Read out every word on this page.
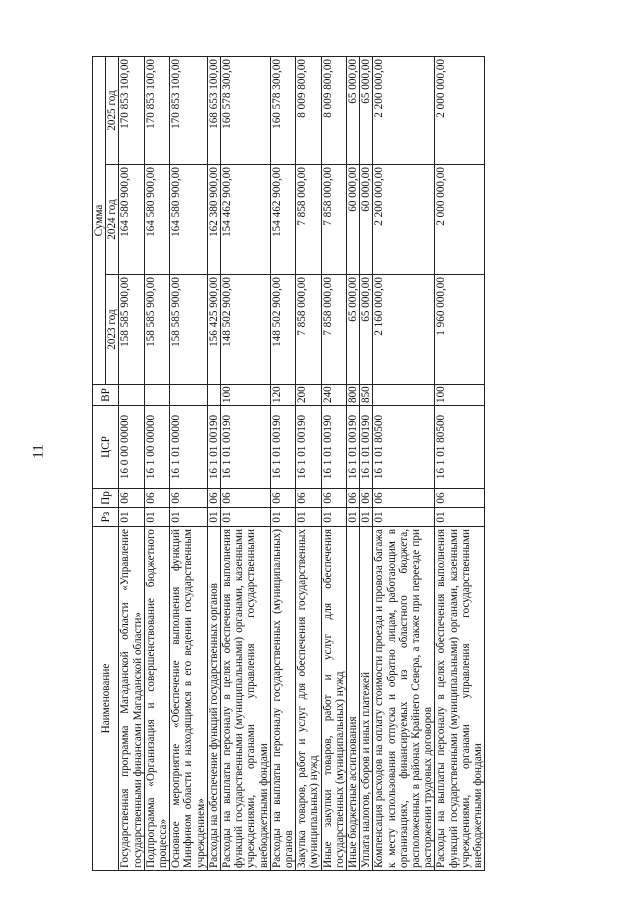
11
Наименование	Рз	Пр	ЦСР	ВР	Сумма		
					2023 год	2024 год	2025 год
Государственная программа Магаданской области «Управление государственными финансами Магаданской области»	01	06	16 0 00 00000		158 585 900,00	164 580 900,00	170 853 100,00
Подпрограмма «Организация и совершенствование бюджетного процесса»	01	06	16 1 00 00000		158 585 900,00	164 580 900,00	170 853 100,00
Основное мероприятие «Обеспечение выполнения функций Минфином области и находящимся в его ведении государственным учреждением»	01	06	16 1 01 00000		158 585 900,00	164 580 900,00	170 853 100,00
Расходы на обеспечение функций государственных органов	01	06	16 1 01 00190		156 425 900,00	162 380 900,00	168 653 100,00
Расходы на выплаты персоналу в целях обеспечения выполнения функций государственными (муниципальными) органами, казенными учреждениями, органами управления государственными внебюджетными фондами	01	06	16 1 01 00190	100	148 502 900,00	154 462 900,00	160 578 300,00
Расходы на выплаты персоналу государственных (муниципальных) органов	01	06	16 1 01 00190	120	148 502 900,00	154 462 900,00	160 578 300,00
Закупка товаров, работ и услуг для обеспечения государственных (муниципальных) нужд	01	06	16 1 01 00190	200	7 858 000,00	7 858 000,00	8 009 800,00
Иные закупки товаров, работ и услуг для обеспечения государственных (муниципальных) нужд	01	06	16 1 01 00190	240	7 858 000,00	7 858 000,00	8 009 800,00
Иные бюджетные ассигнования	01	06	16 1 01 00190	800	65 000,00	60 000,00	65 000,00
Уплата налогов, сборов и иных платежей	01	06	16 1 01 00190	850	65 000,00	60 000,00	65 000,00
Компенсация расходов на оплату стоимости проезда и провоза багажа к месту использования отпуска и обратно лицам, работающим в организациях, финансируемых из областного бюджета, расположенных в районах Крайнего Севера, а также при переезде при расторжении трудовых договоров	01	06	16 1 01 80500		2 160 000,00	2 200 000,00	2 200 000,00
Расходы на выплаты персоналу в целях обеспечения выполнения функций государственными (муниципальными) органами, казенными учреждениями, органами управления государственными внебюджетными фондами	01	06	16 1 01 80500	100	1 960 000,00	2 000 000,00	2 000 000,00
